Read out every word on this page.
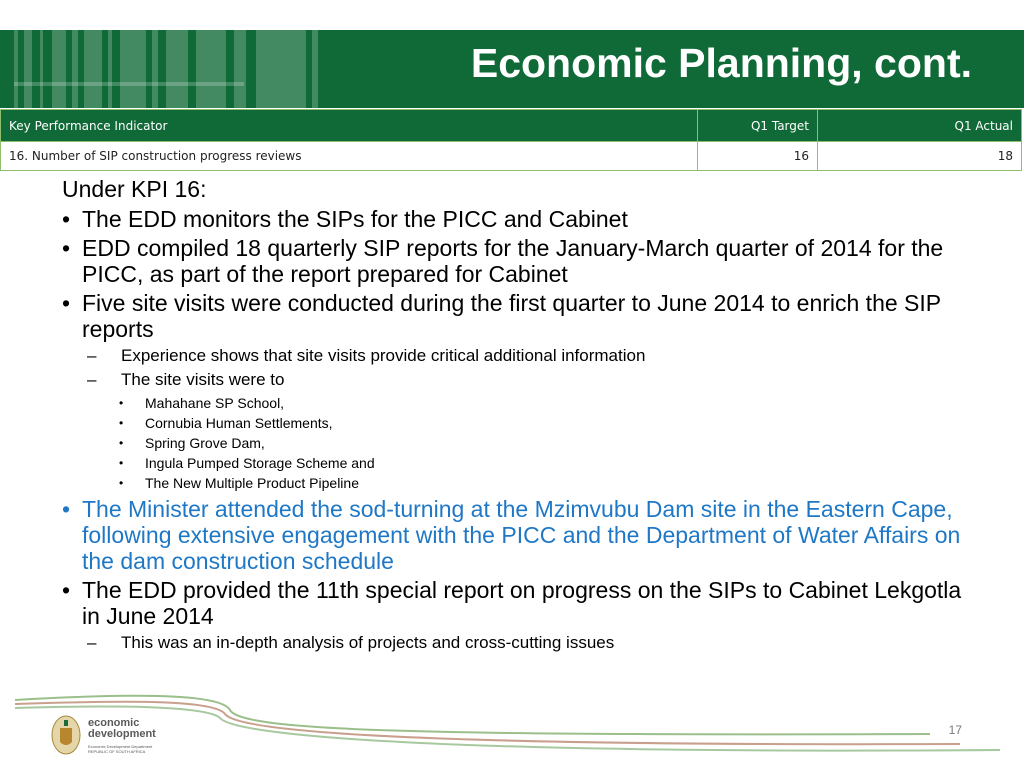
Economic Planning, cont.
Key Performance Indicator	Q1 Target	Q1 Actual
16. Number of SIP construction progress reviews	16	18
Under KPI 16:
• The EDD monitors the SIPs for the PICC and Cabinet
• EDD compiled 18 quarterly SIP reports for the January-March quarter of 2014 for the PICC, as part of the report prepared for Cabinet
• Five site visits were conducted during the first quarter to June 2014 to enrich the SIP reports
– Experience shows that site visits provide critical additional information
– The site visits were to
• Mahahane SP School,
• Cornubia Human Settlements,
• Spring Grove Dam,
• Ingula Pumped Storage Scheme and
• The New Multiple Product Pipeline
• The Minister attended the sod-turning at the Mzimvubu Dam site in the Eastern Cape, following extensive engagement with the PICC and the Department of Water Affairs on the dam construction schedule
• The EDD provided the 11th special report on progress on the SIPs to Cabinet Lekgotla in June 2014
– This was an in-depth analysis of projects and cross-cutting issues
economic
development
Economic Development Department
REPUBLIC OF SOUTH AFRICA
17
